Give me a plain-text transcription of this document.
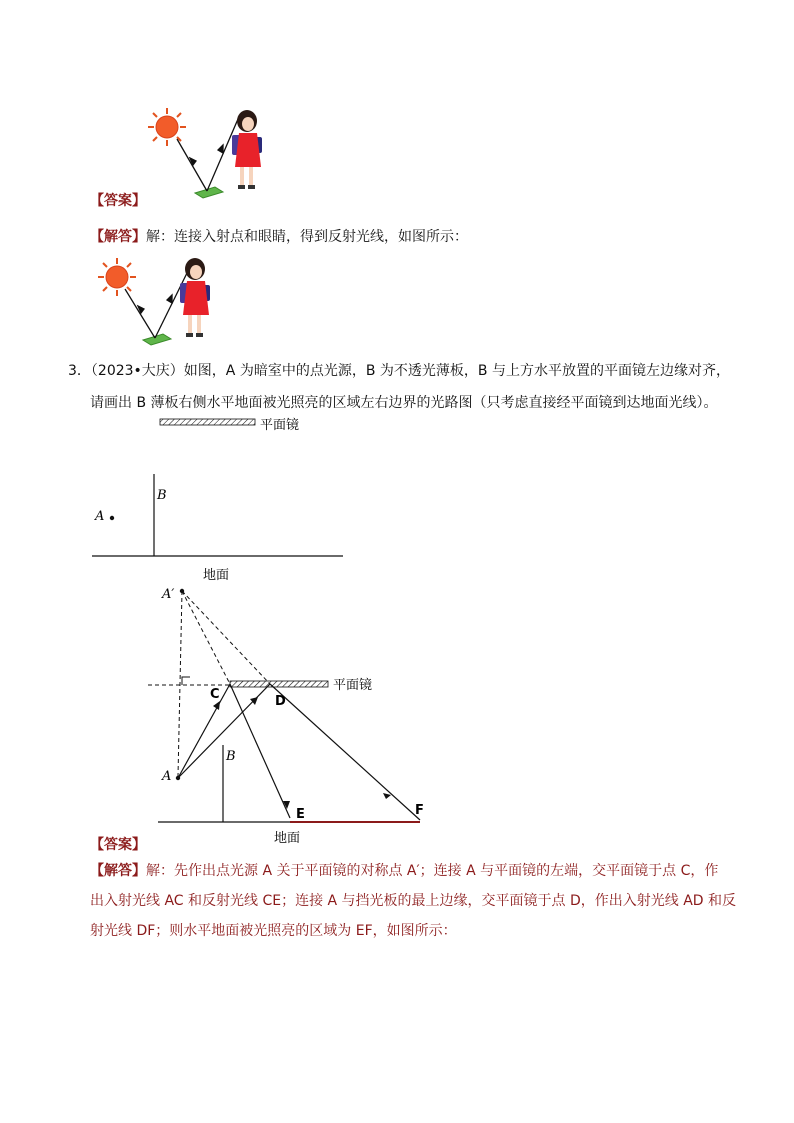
【答案】
【解答】解：连接入射点和眼睛，得到反射光线，如图所示：
3．（2023•大庆）如图，A 为暗室中的点光源，B 为不透光薄板，B 与上方水平放置的平面镜左边缘对齐，
请画出 B 薄板右侧水平地面被光照亮的区域左右边界的光路图（只考虑直接经平面镜到达地面光线）。
平面镜
B
A
地面
平面镜
A′
B
A
C	D
E	F
地面
【答案】
【解答】解：先作出点光源 A 关于平面镜的对称点 A′；连接 A 与平面镜的左端，交平面镜于点 C，作
出入射光线 AC 和反射光线 CE；连接 A 与挡光板的最上边缘，交平面镜于点 D，作出入射光线 AD 和反
射光线 DF；则水平地面被光照亮的区域为 EF，如图所示：
